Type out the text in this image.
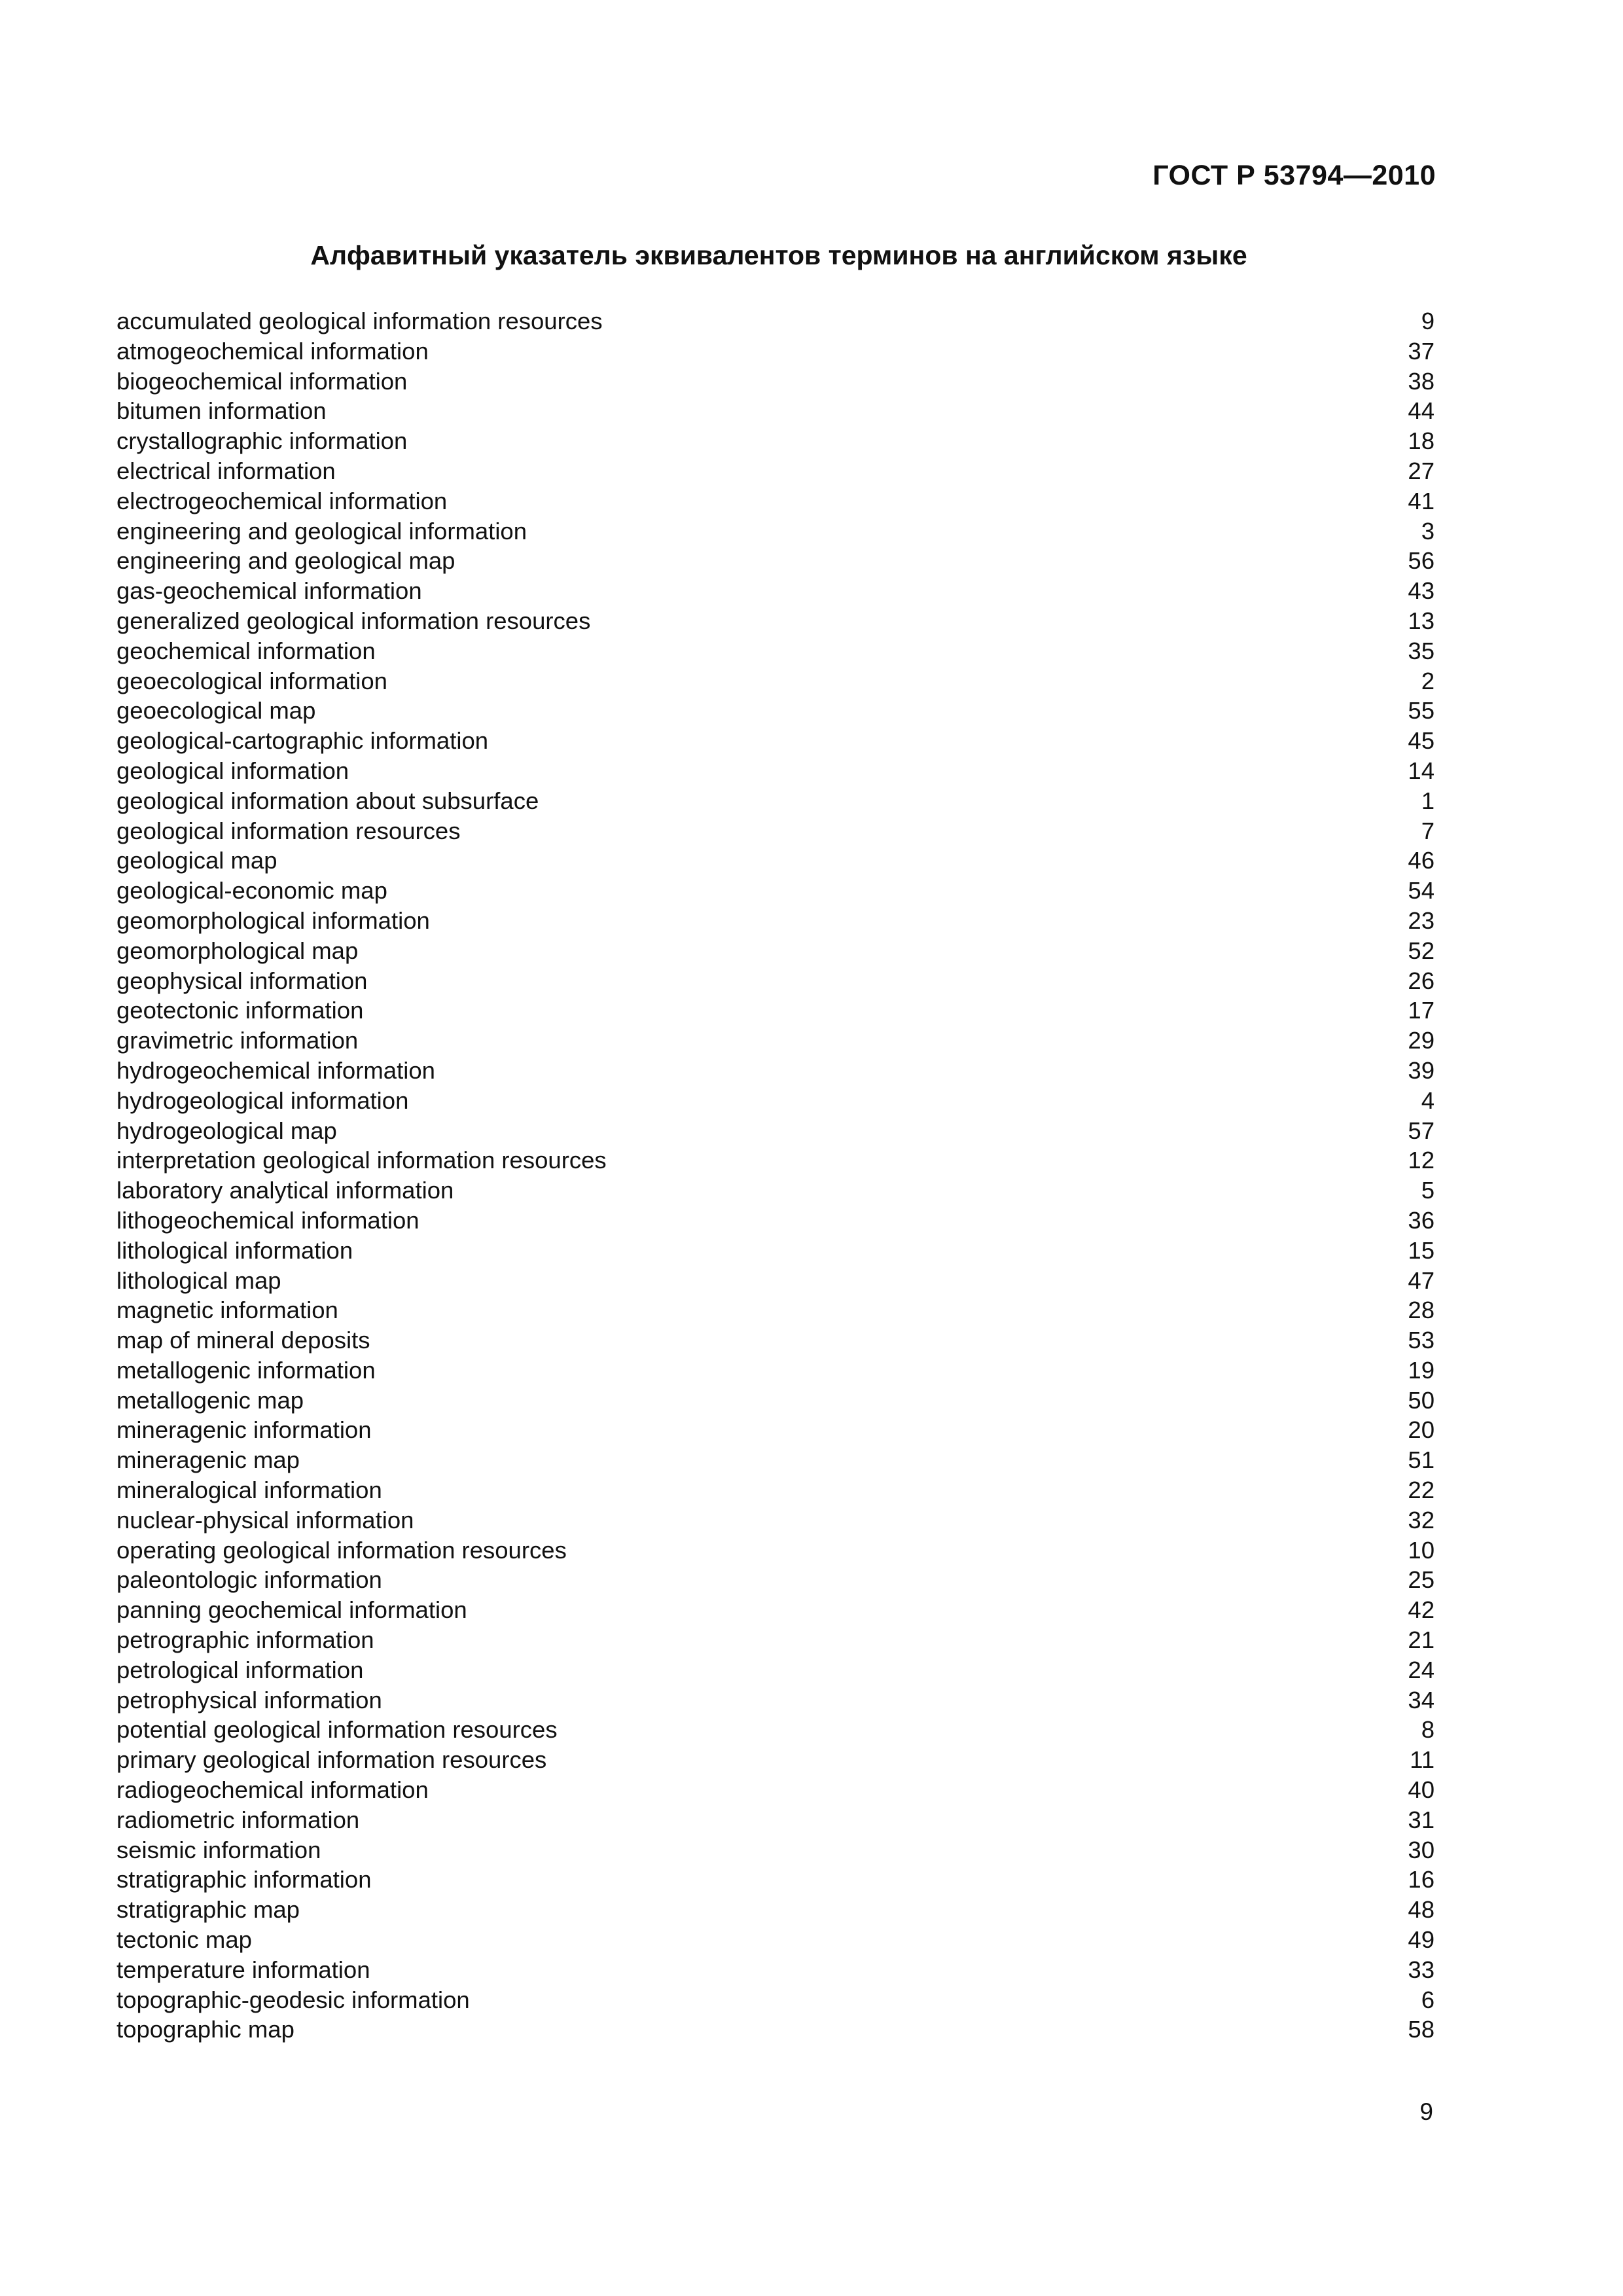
ГОСТ Р 53794—2010
Алфавитный указатель эквивалентов терминов на английском языке
accumulated geological information resources	9
atmogeochemical information	37
biogeochemical information	38
bitumen information	44
crystallographic information	18
electrical information	27
electrogeochemical information	41
engineering and geological information	3
engineering and geological map	56
gas-geochemical information	43
generalized geological information resources	13
geochemical information	35
geoecological information	2
geoecological map	55
geological-cartographic information	45
geological information	14
geological information about subsurface	1
geological information resources	7
geological map	46
geological-economic map	54
geomorphological information	23
geomorphological map	52
geophysical information	26
geotectonic information	17
gravimetric information	29
hydrogeochemical information	39
hydrogeological information	4
hydrogeological map	57
interpretation geological information resources	12
laboratory analytical information	5
lithogeochemical information	36
lithological information	15
lithological map	47
magnetic information	28
map of mineral deposits	53
metallogenic information	19
metallogenic map	50
mineragenic information	20
mineragenic map	51
mineralogical information	22
nuclear-physical information	32
operating geological information resources	10
paleontologic information	25
panning geochemical information	42
petrographic information	21
petrological information	24
petrophysical information	34
potential geological information resources	8
primary geological information resources	11
radiogeochemical information	40
radiometric information	31
seismic information	30
stratigraphic information	16
stratigraphic map	48
tectonic map	49
temperature information	33
topographic-geodesic information	6
topographic map	58
9
